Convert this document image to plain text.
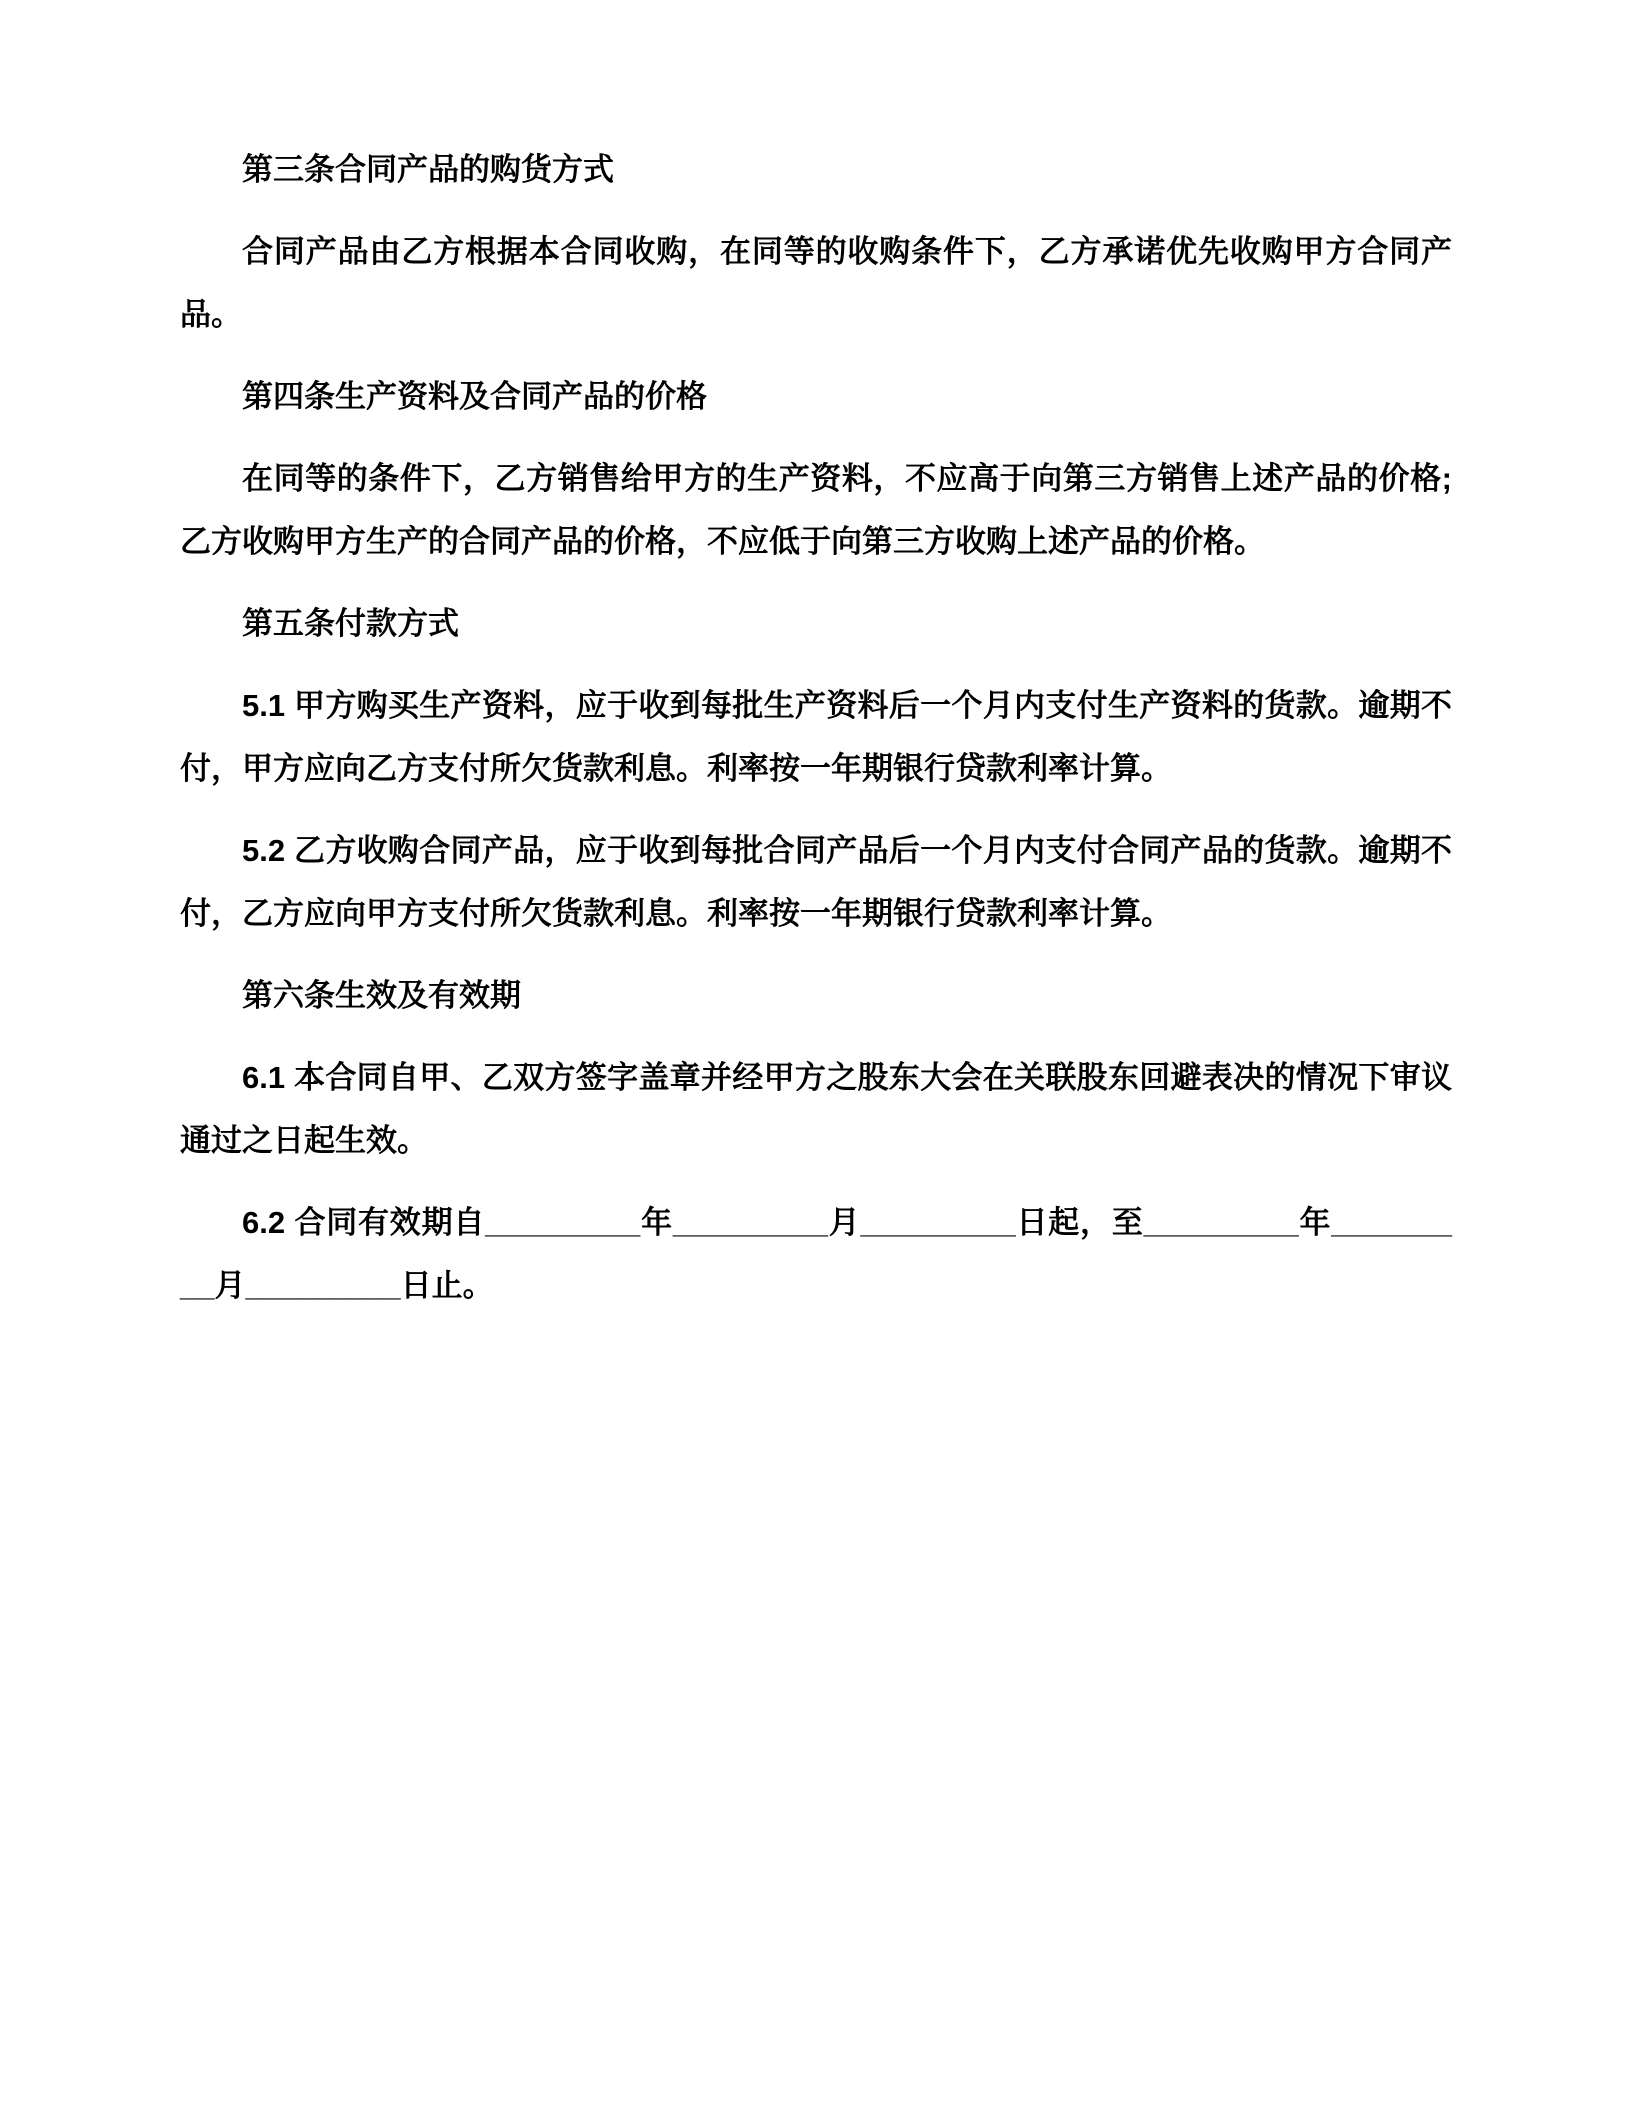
第三条合同产品的购货方式

合同产品由乙方根据本合同收购，在同等的收购条件下，乙方承诺优先收购甲方合同产品。

第四条生产资料及合同产品的价格

在同等的条件下，乙方销售给甲方的生产资料，不应高于向第三方销售上述产品的价格;乙方收购甲方生产的合同产品的价格，不应低于向第三方收购上述产品的价格。

第五条付款方式

5.1 甲方购买生产资料，应于收到每批生产资料后一个月内支付生产资料的货款。逾期不付，甲方应向乙方支付所欠货款利息。利率按一年期银行贷款利率计算。

5.2 乙方收购合同产品，应于收到每批合同产品后一个月内支付合同产品的货款。逾期不付，乙方应向甲方支付所欠货款利息。利率按一年期银行贷款利率计算。

第六条生效及有效期

6.1 本合同自甲、乙双方签字盖章并经甲方之股东大会在关联股东回避表决的情况下审议通过之日起生效。

6.2 合同有效期自_________年_________月_________日起，至_________年_________月_________日止。
